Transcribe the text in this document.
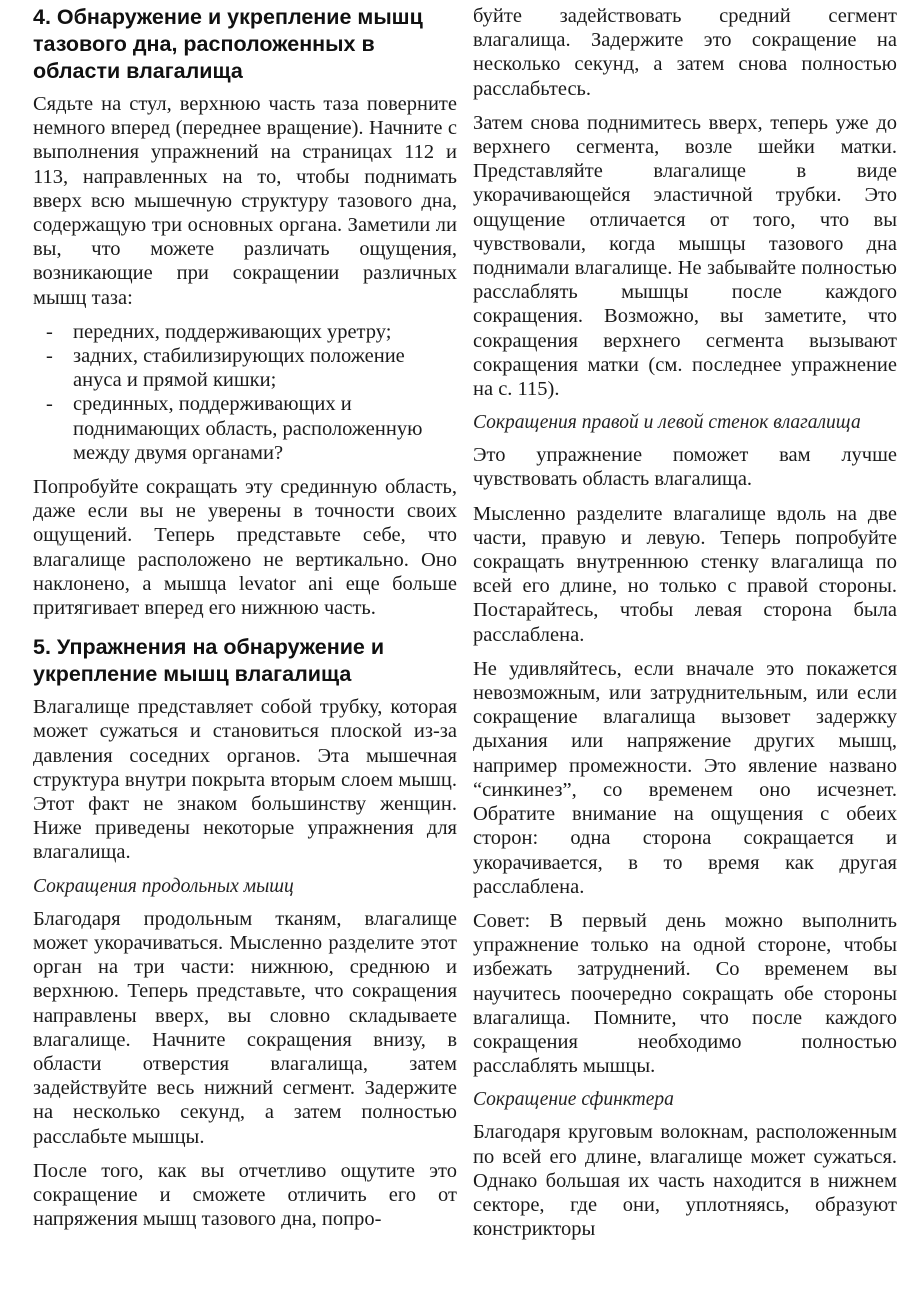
4. Обнаружение и укрепление мышц тазового дна, расположенных в области влагалища

Сядьте на стул, верхнюю часть таза поверните немного вперед (переднее вращение). Начните с выполнения упражнений на страницах 112 и 113, направленных на то, чтобы поднимать вверх всю мышечную структуру тазового дна, содержащую три основных органа. Заметили ли вы, что можете различать ощущения, возникающие при сокращении различных мышц таза:

- передних, поддерживающих уретру;
- задних, стабилизирующих положение ануса и прямой кишки;
- срединных, поддерживающих и поднимающих область, расположенную между двумя органами?

Попробуйте сокращать эту срединную область, даже если вы не уверены в точности своих ощущений. Теперь представьте себе, что влагалище расположено не вертикально. Оно наклонено, а мышца levator ani еще больше притягивает вперед его нижнюю часть.

5. Упражнения на обнаружение и укрепление мышц влагалища

Влагалище представляет собой трубку, которая может сужаться и становиться плоской из-за давления соседних органов. Эта мышечная структура внутри покрыта вторым слоем мышц. Этот факт не знаком большинству женщин. Ниже приведены некоторые упражнения для влагалища.

Сокращения продольных мышц

Благодаря продольным тканям, влагалище может укорачиваться. Мысленно разделите этот орган на три части: нижнюю, среднюю и верхнюю. Теперь представьте, что сокращения направлены вверх, вы словно складываете влагалище. Начните сокращения внизу, в области отверстия влагалища, затем задействуйте весь нижний сегмент. Задержите на несколько секунд, а затем полностью расслабьте мышцы.

После того, как вы отчетливо ощутите это сокращение и сможете отличить его от напряжения мышц тазового дна, попро-

буйте задействовать средний сегмент влагалища. Задержите это сокращение на несколько секунд, а затем снова полностью расслабьтесь.

Затем снова поднимитесь вверх, теперь уже до верхнего сегмента, возле шейки матки. Представляйте влагалище в виде укорачивающейся эластичной трубки. Это ощущение отличается от того, что вы чувствовали, когда мышцы тазового дна поднимали влагалище. Не забывайте полностью расслаблять мышцы после каждого сокращения. Возможно, вы заметите, что сокращения верхнего сегмента вызывают сокращения матки (см. последнее упражнение на с. 115).

Сокращения правой и левой стенок влагалища

Это упражнение поможет вам лучше чувствовать область влагалища.

Мысленно разделите влагалище вдоль на две части, правую и левую. Теперь попробуйте сокращать внутреннюю стенку влагалища по всей его длине, но только с правой стороны. Постарайтесь, чтобы левая сторона была расслаблена.

Не удивляйтесь, если вначале это покажется невозможным, или затруднительным, или если сокращение влагалища вызовет задержку дыхания или напряжение других мышц, например промежности. Это явление названо “синкинез”, со временем оно исчезнет. Обратите внимание на ощущения с обеих сторон: одна сторона сокращается и укорачивается, в то время как другая расслаблена.

Совет: В первый день можно выполнить упражнение только на одной стороне, чтобы избежать затруднений. Со временем вы научитесь поочередно сокращать обе стороны влагалища. Помните, что после каждого сокращения необходимо полностью расслаблять мышцы.

Сокращение сфинктера

Благодаря круговым волокнам, расположенным по всей его длине, влагалище может сужаться. Однако большая их часть находится в нижнем секторе, где они, уплотняясь, образуют констрикторы
